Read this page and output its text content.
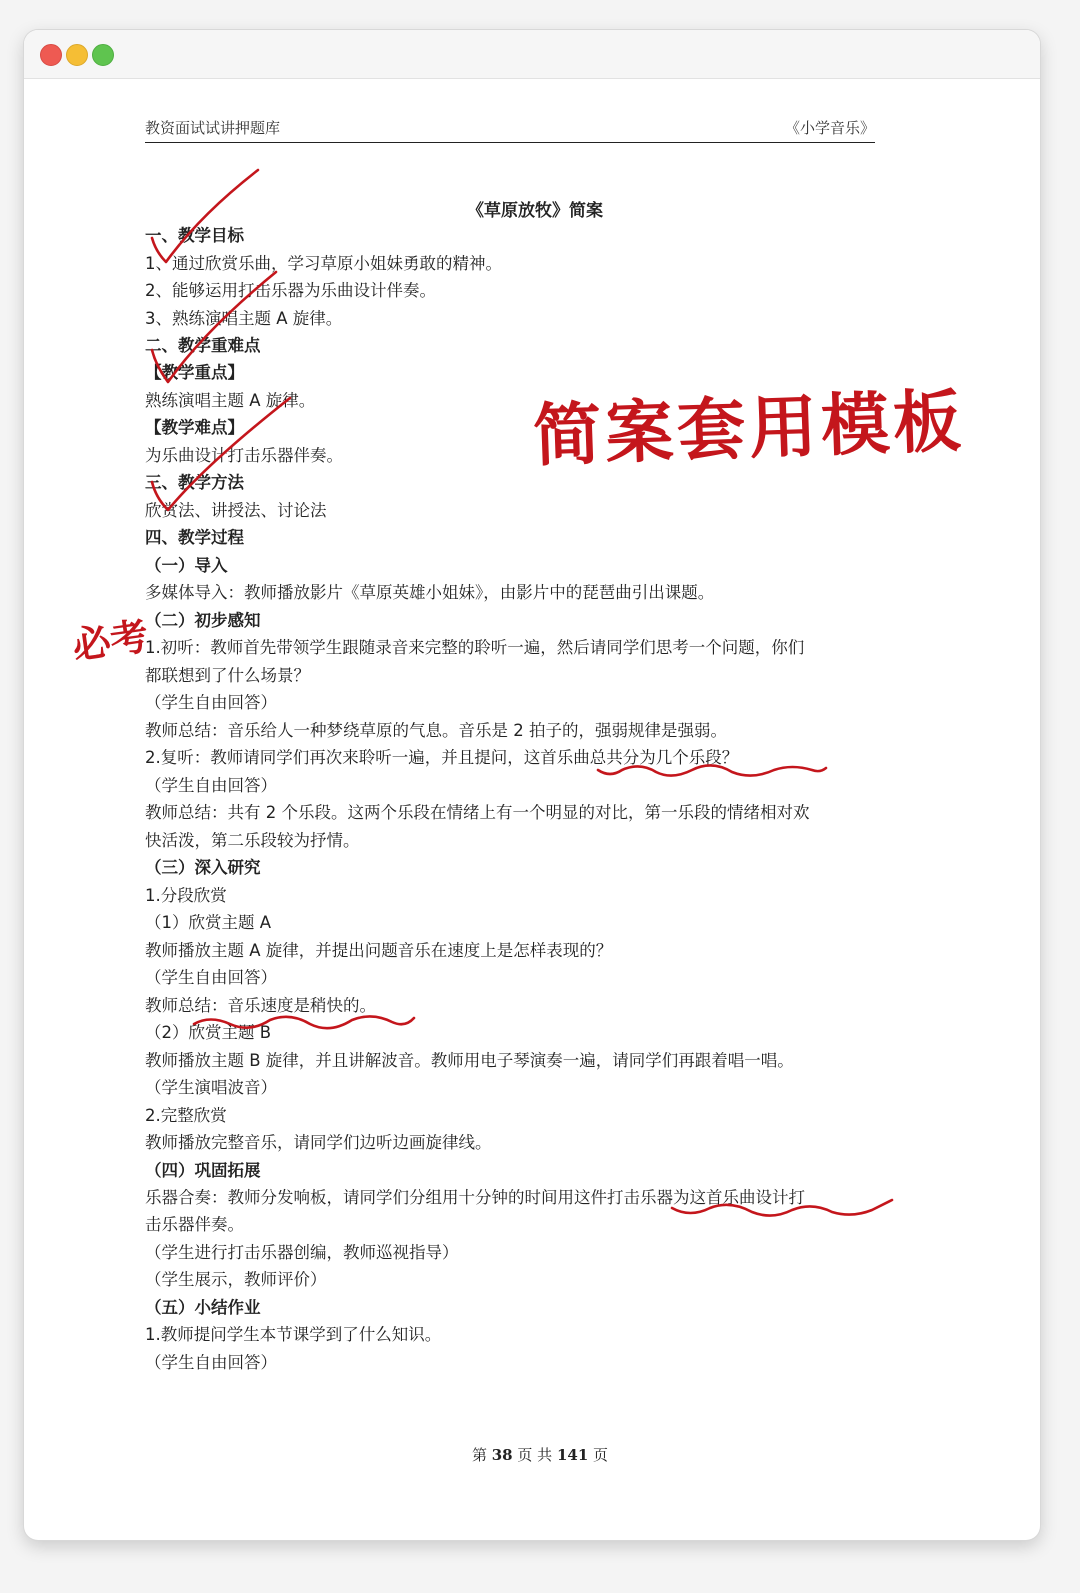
教资面试试讲押题库	《小学音乐》
《草原放牧》简案
一、教学目标
1、通过欣赏乐曲，学习草原小姐妹勇敢的精神。
2、能够运用打击乐器为乐曲设计伴奏。
3、熟练演唱主题 A 旋律。
二、教学重难点
【教学重点】
熟练演唱主题 A 旋律。
【教学难点】
为乐曲设计打击乐器伴奏。
三、教学方法
欣赏法、讲授法、讨论法
四、教学过程
（一）导入
多媒体导入：教师播放影片《草原英雄小姐妹》，由影片中的琵琶曲引出课题。
（二）初步感知
1.初听：教师首先带领学生跟随录音来完整的聆听一遍，然后请同学们思考一个问题，你们
都联想到了什么场景？
（学生自由回答）
教师总结：音乐给人一种梦绕草原的气息。音乐是 2 拍子的，强弱规律是强弱。
2.复听：教师请同学们再次来聆听一遍，并且提问，这首乐曲总共分为几个乐段？
（学生自由回答）
教师总结：共有 2 个乐段。这两个乐段在情绪上有一个明显的对比，第一乐段的情绪相对欢
快活泼，第二乐段较为抒情。
（三）深入研究
1.分段欣赏
（1）欣赏主题 A
教师播放主题 A 旋律，并提出问题音乐在速度上是怎样表现的？
（学生自由回答）
教师总结：音乐速度是稍快的。
（2）欣赏主题 B
教师播放主题 B 旋律，并且讲解波音。教师用电子琴演奏一遍，请同学们再跟着唱一唱。
（学生演唱波音）
2.完整欣赏
教师播放完整音乐，请同学们边听边画旋律线。
（四）巩固拓展
乐器合奏：教师分发响板，请同学们分组用十分钟的时间用这件打击乐器为这首乐曲设计打
击乐器伴奏。
（学生进行打击乐器创编，教师巡视指导）
（学生展示，教师评价）
（五）小结作业
1.教师提问学生本节课学到了什么知识。
（学生自由回答）
第 38 页 共 141 页
简案套用模板
必考
